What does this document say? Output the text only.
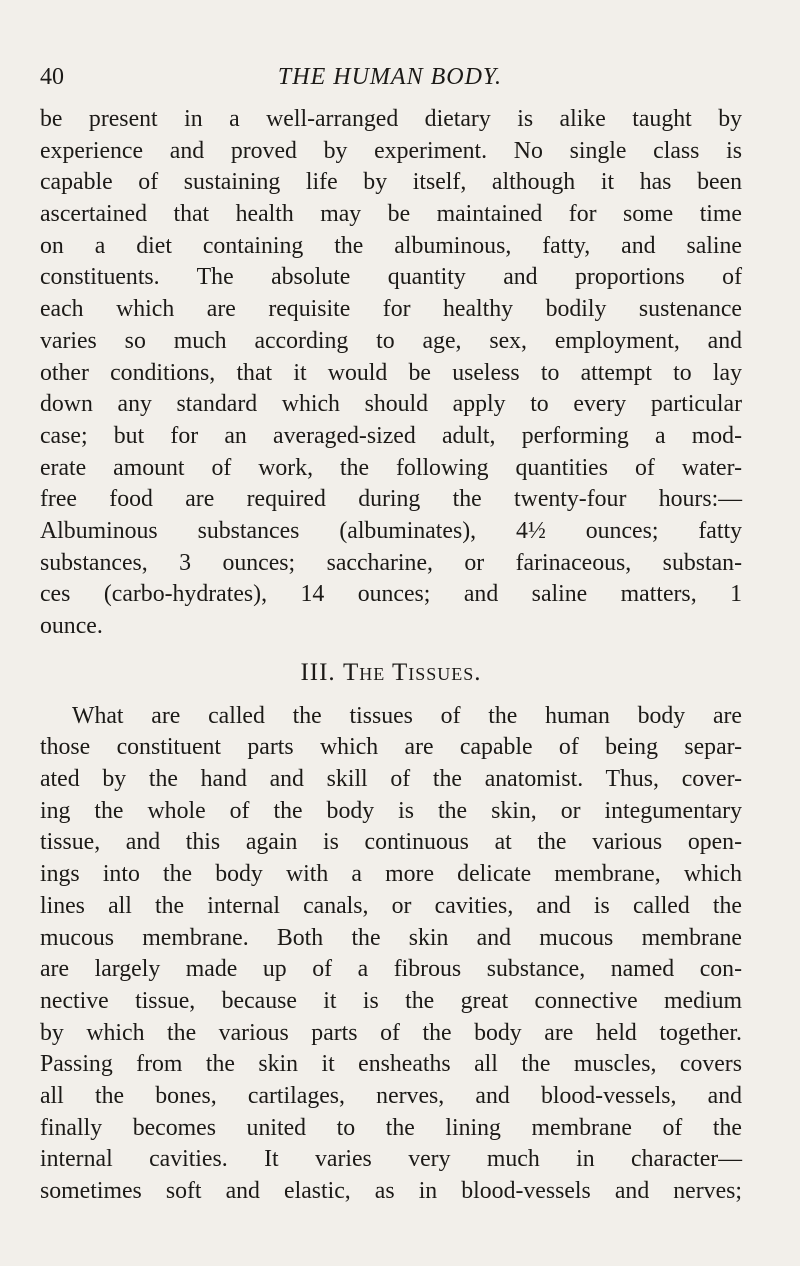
40	THE HUMAN BODY.
be present in a well-arranged dietary is alike taught by
experience and proved by experiment. No single class is
capable of sustaining life by itself, although it has been
ascertained that health may be maintained for some time
on a diet containing the albuminous, fatty, and saline
constituents. The absolute quantity and proportions of
each which are requisite for healthy bodily sustenance
varies so much according to age, sex, employment, and
other conditions, that it would be useless to attempt to lay
down any standard which should apply to every particular
case; but for an averaged-sized adult, performing a mod-
erate amount of work, the following quantities of water-
free food are required during the twenty-four hours:—
Albuminous substances (albuminates), 4½ ounces; fatty
substances, 3 ounces; saccharine, or farinaceous, substan-
ces (carbo-hydrates), 14 ounces; and saline matters, 1
ounce.
III. The Tissues.
What are called the tissues of the human body are
those constituent parts which are capable of being separ-
ated by the hand and skill of the anatomist. Thus, cover-
ing the whole of the body is the skin, or integumentary
tissue, and this again is continuous at the various open-
ings into the body with a more delicate membrane, which
lines all the internal canals, or cavities, and is called the
mucous membrane. Both the skin and mucous membrane
are largely made up of a fibrous substance, named con-
nective tissue, because it is the great connective medium
by which the various parts of the body are held together.
Passing from the skin it ensheaths all the muscles, covers
all the bones, cartilages, nerves, and blood-vessels, and
finally becomes united to the lining membrane of the
internal cavities. It varies very much in character—
sometimes soft and elastic, as in blood-vessels and nerves;
